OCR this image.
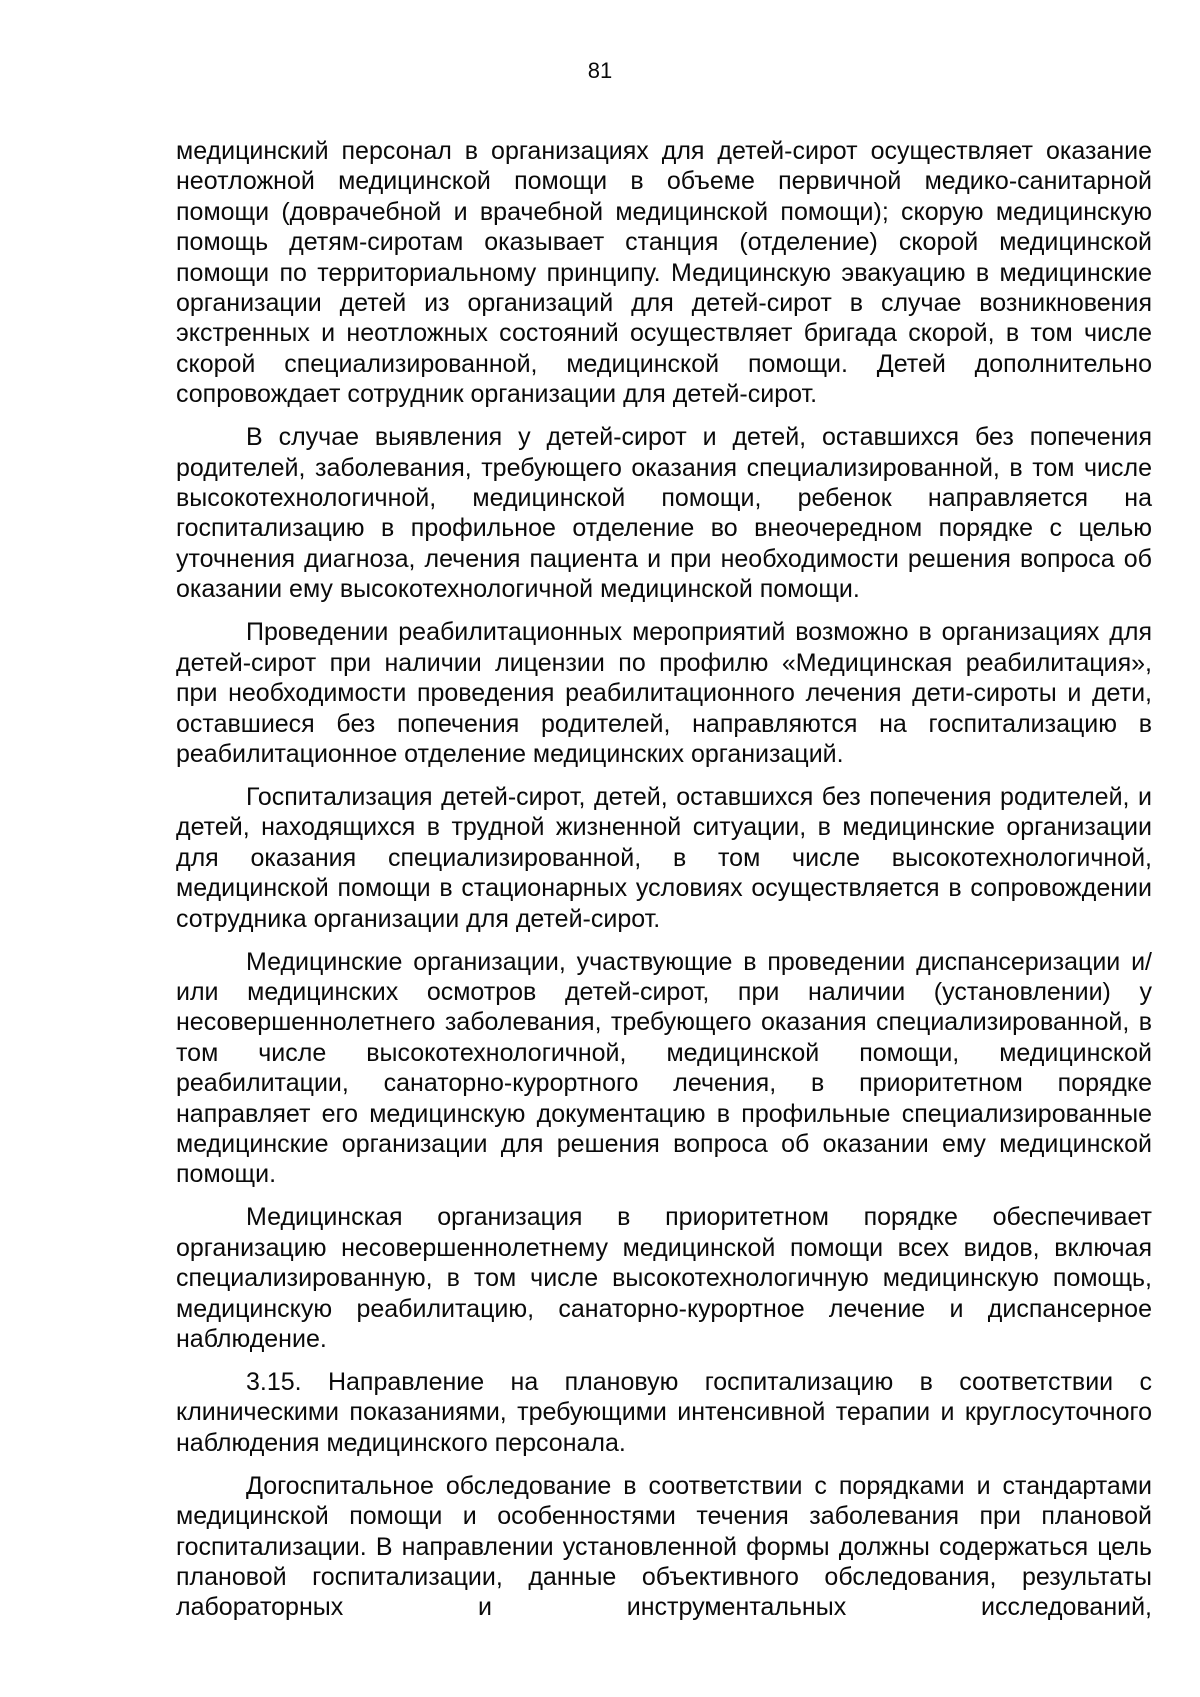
81

медицинский персонал в организациях для детей-сирот осуществляет оказание неотложной медицинской помощи в объеме первичной медико-санитарной помощи (доврачебной и врачебной медицинской помощи); скорую медицинскую помощь детям-сиротам оказывает станция (отделение) скорой медицинской помощи по территориальному принципу. Медицинскую эвакуацию в медицинские организации детей из организаций для детей-сирот в случае возникновения экстренных и неотложных состояний осуществляет бригада скорой, в том числе скорой специализированной, медицинской помощи. Детей дополнительно сопровождает сотрудник организации для детей-сирот.

В случае выявления у детей-сирот и детей, оставшихся без попечения родителей, заболевания, требующего оказания специализированной, в том числе высокотехнологичной, медицинской помощи, ребенок направляется на госпитализацию в профильное отделение во внеочередном порядке с целью уточнения диагноза, лечения пациента и при необходимости решения вопроса об оказании ему высокотехнологичной медицинской помощи.

Проведении реабилитационных мероприятий возможно в организациях для детей-сирот при наличии лицензии по профилю «Медицинская реабилитация», при необходимости проведения реабилитационного лечения дети-сироты и дети, оставшиеся без попечения родителей, направляются на госпитализацию в реабилитационное отделение медицинских организаций.

Госпитализация детей-сирот, детей, оставшихся без попечения родителей, и детей, находящихся в трудной жизненной ситуации, в медицинские организации для оказания специализированной, в том числе высокотехнологичной, медицинской помощи в стационарных условиях осуществляется в сопровождении сотрудника организации для детей-сирот.

Медицинские организации, участвующие в проведении диспансеризации и/или медицинских осмотров детей-сирот, при наличии (установлении) у несовершеннолетнего заболевания, требующего оказания специализированной, в том числе высокотехнологичной, медицинской помощи, медицинской реабилитации, санаторно-курортного лечения, в приоритетном порядке направляет его медицинскую документацию в профильные специализированные медицинские организации для решения вопроса об оказании ему медицинской помощи.

Медицинская организация в приоритетном порядке обеспечивает организацию несовершеннолетнему медицинской помощи всех видов, включая специализированную, в том числе высокотехнологичную медицинскую помощь, медицинскую реабилитацию, санаторно-курортное лечение и диспансерное наблюдение.

3.15. Направление на плановую госпитализацию в соответствии с клиническими показаниями, требующими интенсивной терапии и круглосуточного наблюдения медицинского персонала.

Догоспитальное обследование в соответствии с порядками и стандартами медицинской помощи и особенностями течения заболевания при плановой госпитализации. В направлении установленной формы должны содержаться цель плановой госпитализации, данные объективного обследования, результаты лабораторных и инструментальных исследований,
